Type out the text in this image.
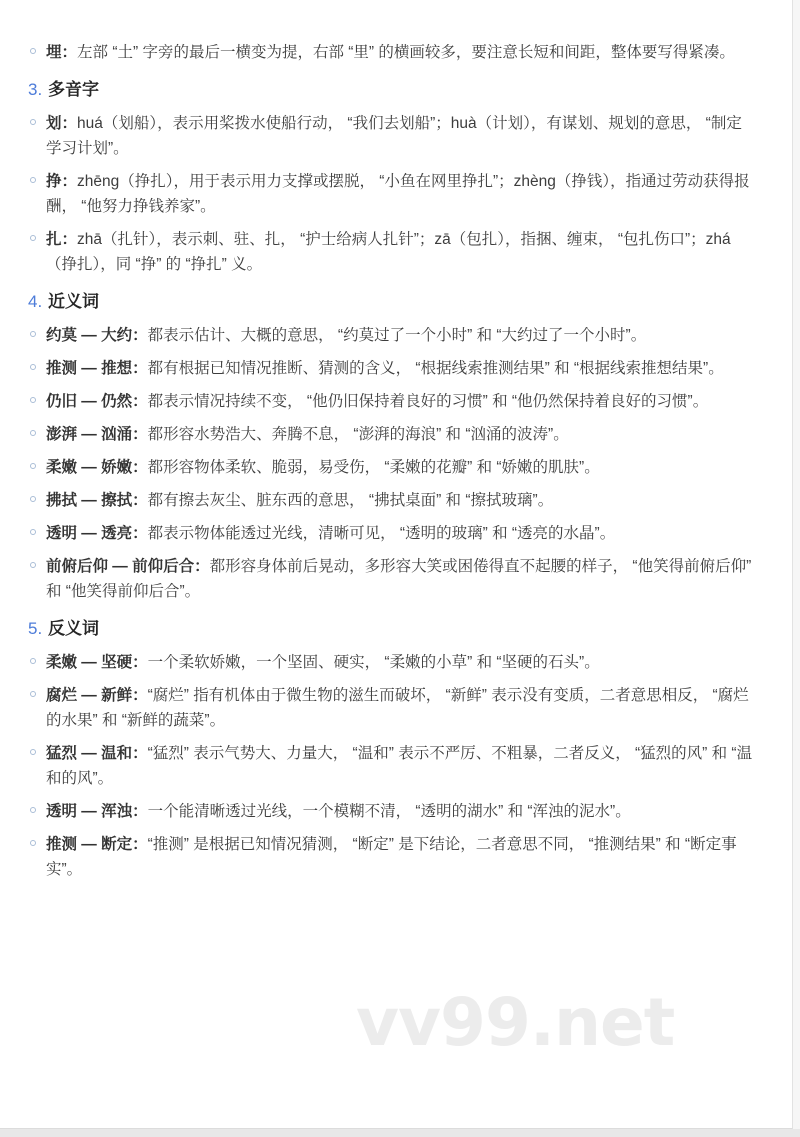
埋：左部 “土” 字旁的最后一横变为提，右部 “里” 的横画较多，要注意长短和间距，整体要写得紧凑。

3. 多音字

划：huá（划船），表示用桨拨水使船行动， “我们去划船”；huà（计划），有谋划、规划的意思， “制定学习计划”。

挣：zhēng（挣扎），用于表示用力支撑或摆脱， “小鱼在网里挣扎”；zhèng（挣钱），指通过劳动获得报酬， “他努力挣钱养家”。

扎：zhā（扎针），表示刺、驻、扎， “护士给病人扎针”；zā（包扎），指捆、缠束， “包扎伤口”；zhá（挣扎），同 “挣” 的 “挣扎” 义。

4. 近义词

约莫 — 大约：都表示估计、大概的意思， “约莫过了一个小时” 和 “大约过了一个小时”。

推测 — 推想：都有根据已知情况推断、猜测的含义， “根据线索推测结果” 和 “根据线索推想结果”。

仍旧 — 仍然：都表示情况持续不变， “他仍旧保持着良好的习惯” 和 “他仍然保持着良好的习惯”。

澎湃 — 汹涌：都形容水势浩大、奔腾不息， “澎湃的海浪” 和 “汹涌的波涛”。

柔嫩 — 娇嫩：都形容物体柔软、脆弱，易受伤， “柔嫩的花瓣” 和 “娇嫩的肌肤”。

拂拭 — 擦拭：都有擦去灰尘、脏东西的意思， “拂拭桌面” 和 “擦拭玻璃”。

透明 — 透亮：都表示物体能透过光线，清晰可见， “透明的玻璃” 和 “透亮的水晶”。

前俯后仰 — 前仰后合：都形容身体前后晃动，多形容大笑或困倦得直不起腰的样子， “他笑得前俯后仰” 和 “他笑得前仰后合”。

5. 反义词

柔嫩 — 坚硬：一个柔软娇嫩，一个坚固、硬实， “柔嫩的小草” 和 “坚硬的石头”。

腐烂 — 新鲜：“腐烂” 指有机体由于微生物的滋生而破坏， “新鲜” 表示没有变质，二者意思相反， “腐烂的水果” 和 “新鲜的蔬菜”。

猛烈 — 温和：“猛烈” 表示气势大、力量大， “温和” 表示不严厉、不粗暴，二者反义， “猛烈的风” 和 “温和的风”。

透明 — 浑浊：一个能清晰透过光线，一个模糊不清， “透明的湖水” 和 “浑浊的泥水”。

推测 — 断定：“推测” 是根据已知情况猜测， “断定” 是下结论，二者意思不同， “推测结果” 和 “断定事实”。

vv99.net
